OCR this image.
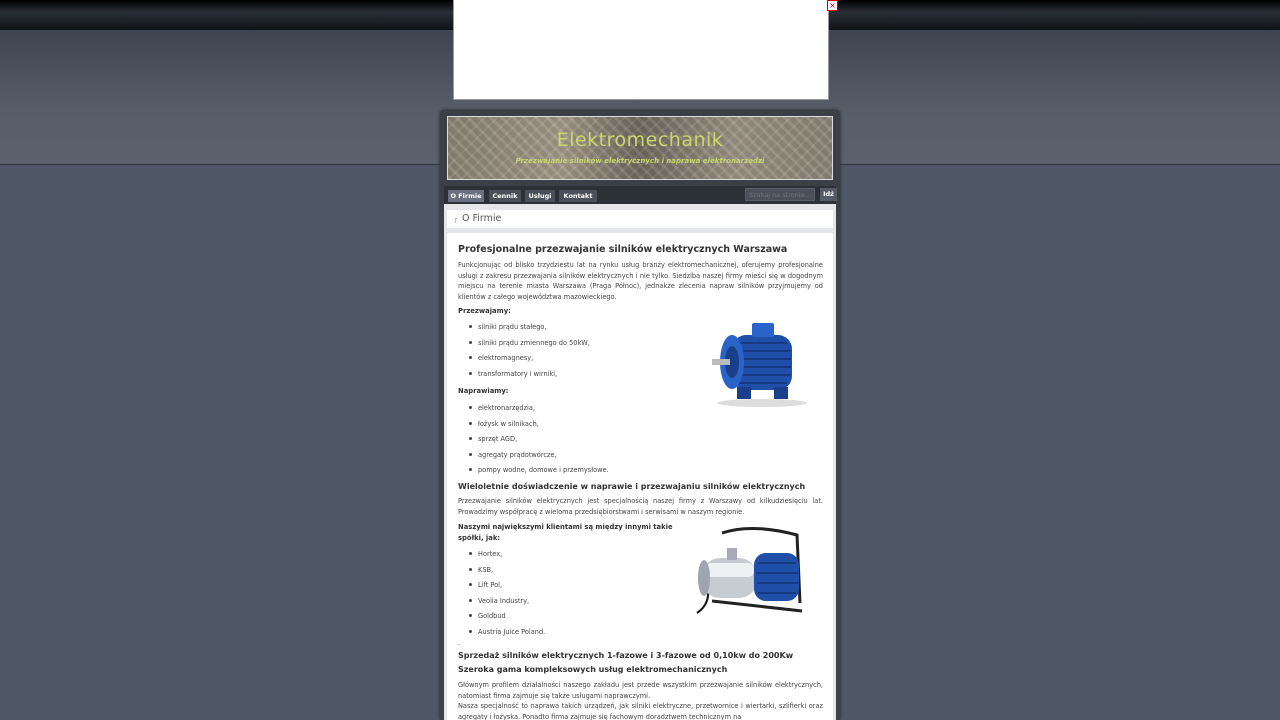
×
Elektromechanik
Przezwajanie silników elektrycznych i naprawa elektronarzędzi
O Firmie	Cennik	Usługi	Kontakt
Szukaj na stronie...	Idź
┌ O Firmie
Profesjonalne przezwajanie silników elektrycznych Warszawa
Funkcjonując od blisko trzydziestu lat na rynku usług branży elektromechanicznej, oferujemy profesjonalne usługi z zakresu przezwajania silników elektrycznych i nie tylko. Siedziba naszej firmy mieści się w dogodnym miejscu na terenie miasta Warszawa (Praga Północ), jednakże zlecenia napraw silników przyjmujemy od klientów z całego województwa mazowieckiego.
Przezwajamy:
silniki prądu stałego,
silniki prądu zmiennego do 50kW,
elektromagnesy,
transformatory i wirniki,
Naprawiamy:
elektronarzędzia,
łożysk w silnikach,
sprzęt AGD,
agregaty prądotwórcze,
pompy wodne, domowe i przemysłowe.
Wieloletnie doświadczenie w naprawie i przezwajaniu silników elektrycznych
Przezwajanie silników elektrycznych jest specjalnością naszej firmy z Warszawy od kilkudziesięciu lat. Prowadzimy współpracę z wieloma przedsiębiorstwami i serwisami w naszym regionie.
Naszymi największymi klientami są między innymi takie spółki, jak:
Hortex,
KSB,
Lift Pol,
Veolia Industry,
Goldbud
Austria Juice Poland.
.
Sprzedaż silników elektrycznych 1-fazowe i 3-fazowe od 0,10kw do 200Kw
Szeroka gama kompleksowych usług elektromechanicznych
Głównym profilem działalności naszego zakładu jest przede wszystkim przezwajanie silników elektrycznych, natomiast firma zajmuje się także usługami naprawczymi.
Nasza specjalność to naprawa takich urządzeń, jak silniki elektryczne, przetwornice i wiertarki, szlifierki oraz agregaty i łożyska. Ponadto firma zajmuje się fachowym doradztwem technicznym na
